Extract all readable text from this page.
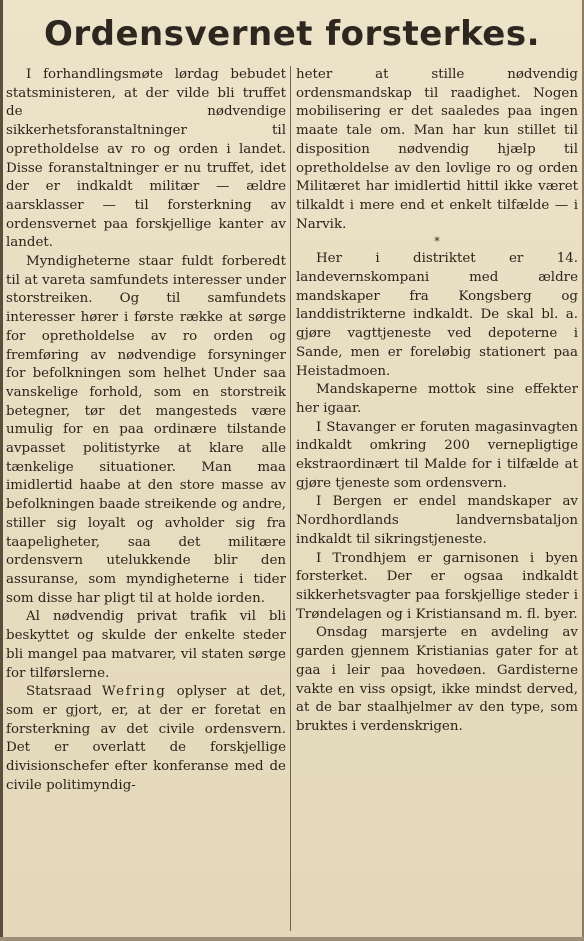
Ordensvernet forsterkes.

I forhandlingsmøte lørdag bebudet statsministeren, at der vilde bli truffet de nødvendige sikkerhetsforanstaltninger til opretholdelse av ro og orden i landet. Disse foranstaltninger er nu truffet, idet der er indkaldt militær — ældre aarsklasser — til forsterkning av ordensvernet paa forskjellige kanter av landet.

Myndigheterne staar fuldt forberedt til at vareta samfundets interesser under storstreiken. Og til samfundets interesser hører i første række at sørge for opretholdelse av ro orden og fremføring av nødvendige forsyninger for befolkningen som helhet Under saa vanskelige forhold, som en storstreik betegner, tør det mangesteds være umulig for en paa ordinære tilstande avpasset politistyrke at klare alle tænkelige situationer. Man maa imidlertid haabe at den store masse av befolkningen baade streikende og andre, stiller sig loyalt og avholder sig fra taapeligheter, saa det militære ordensvern utelukkende blir den assuranse, som myndigheterne i tider som disse har pligt til at holde iorden.

Al nødvendig privat trafik vil bli beskyttet og skulde der enkelte steder bli mangel paa matvarer, vil staten sørge for tilførslerne.

Statsraad Wefring oplyser at det, som er gjort, er, at der er foretat en forsterkning av det civile ordensvern. Det er overlatt de forskjellige divisionschefer efter konferanse med de civile politimyndig-

heter at stille nødvendig ordensmandskap til raadighet. Nogen mobilisering er det saaledes paa ingen maate tale om. Man har kun stillet til disposition nødvendig hjælp til opretholdelse av den lovlige ro og orden Militæret har imidlertid hittil ikke været tilkaldt i mere end et enkelt tilfælde — i Narvik.

*

Her i distriktet er 14. landevernskompani med ældre mandskaper fra Kongsberg og landdistrikterne indkaldt. De skal bl. a. gjøre vagttjeneste ved depoterne i Sande, men er foreløbig stationert paa Heistadmoen.

Mandskaperne mottok sine effekter her igaar.

I Stavanger er foruten magasinvagten indkaldt omkring 200 vernepligtige ekstraordinært til Malde for i tilfælde at gjøre tjeneste som ordensvern.

I Bergen er endel mandskaper av Nordhordlands landvernsbataljon indkaldt til sikringstjeneste.

I Trondhjem er garnisonen i byen forsterket. Der er ogsaa indkaldt sikkerhetsvagter paa forskjellige steder i Trøndelagen og i Kristiansand m. fl. byer.

Onsdag marsjerte en avdeling av garden gjennem Kristianias gater for at gaa i leir paa hovedøen. Gardisterne vakte en viss opsigt, ikke mindst derved, at de bar staalhjelmer av den type, som bruktes i verdenskrigen.
